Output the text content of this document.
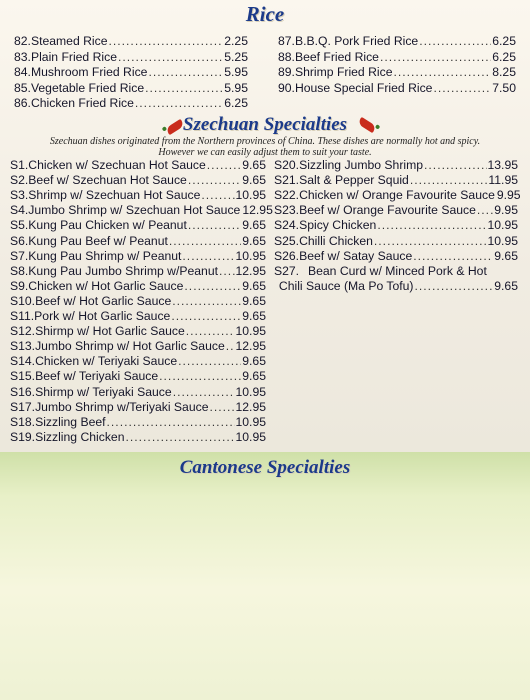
Rice
Szechuan Specialties
Szechuan dishes originated from the Northern provinces of China. These dishes are normally hot and spicy.
However we can easily adjust them to suit your taste.
Cantonese Specialties
82. Steamed Rice .....	2.25
83. Plain Fried Rice .....	5.25
84. Mushroom Fried Rice .....	5.95
85. Vegetable Fried Rice .....	5.95
86. Chicken Fried Rice .....	6.25
87. B.B.Q. Pork Fried Rice .....	6.25
88. Beef Fried Rice .....	6.25
89. Shrimp Fried Rice .....	8.25
90. House Special Fried Rice .....	7.50
S1. Chicken w/ Szechuan Hot Sauce .....	9.65
S2. Beef w/ Szechuan Hot Sauce .....	9.65
S3. Shrimp w/ Szechuan Hot Sauce .....	10.95
S4. Jumbo Shrimp w/ Szechuan Hot Sauce 12.95
S5. Kung Pau Chicken w/ Peanut .....	9.65
S6. Kung Pau Beef w/ Peanut .....	9.65
S7. Kung Pau Shrimp w/ Peanut .....	10.95
S8. Kung Pau Jumbo Shrimp w/Peanut ..... 12.95
S9. Chicken w/ Hot Garlic Sauce .....	9.65
S10. Beef w/ Hot Garlic Sauce .....	9.65
S11. Pork w/ Hot Garlic Sauce .....	9.65
S12. Shirmp w/ Hot Garlic Sauce .....	10.95
S13. Jumbo Shrimp w/ Hot Garlic Sauce ..... 12.95
S14. Chicken w/ Teriyaki Sauce .....	9.65
S15. Beef w/ Teriyaki Sauce .....	9.65
S16. Shirmp w/ Teriyaki Sauce .....	10.95
S17. Jumbo Shrimp w/Teriyaki Sauce ..... 12.95
S18. Sizzling Beef .....	10.95
S19. Sizzling Chicken .....	10.95
S20. Sizzling Jumbo Shrimp .....	13.95
S21. Salt & Pepper Squid .....	11.95
S22. Chicken w/ Orange Favourite Sauce 9.95
S23. Beef w/ Orange Favourite Sauce ..... 9.95
S24. Spicy Chicken .....	10.95
S25. Chilli Chicken .....	10.95
S26. Beef w/ Satay Sauce .....	9.65
S27. Bean Curd w/ Minced Pork & Hot
Chili Sauce (Ma Po Tofu) .....	9.65
